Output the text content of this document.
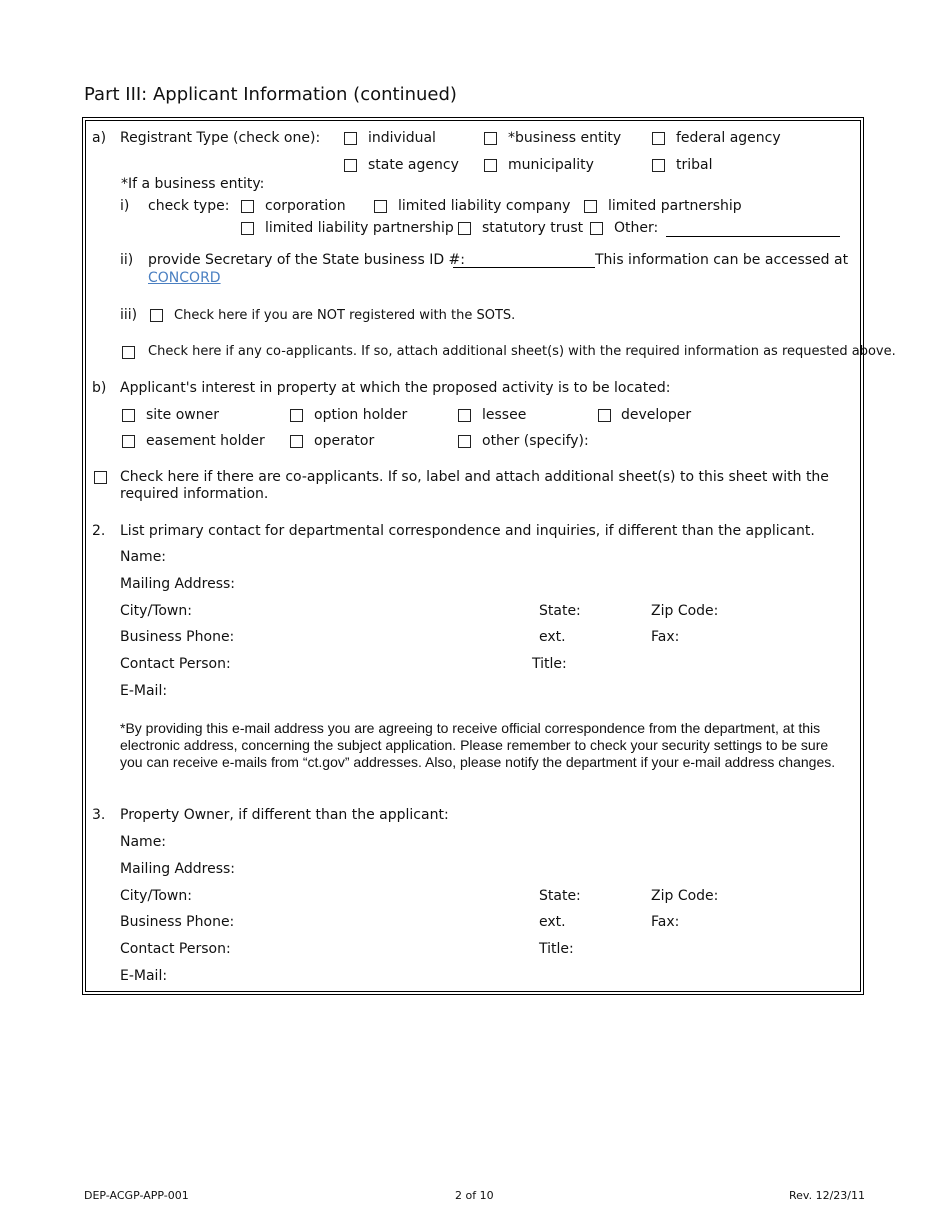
Part III: Applicant Information (continued)
a) Registrant Type (check one):	individual	*business entity	federal agency
state agency	municipality	tribal
*If a business entity:
i) check type:	corporation	limited liability company	limited partnership
limited liability partnership statutory trust Other:
ii) provide Secretary of the State business ID #:	This information can be accessed at
CONCORD
iii)	Check here if you are NOT registered with the SOTS.
Check here if any co-applicants. If so, attach additional sheet(s) with the required information as requested above.
b) Applicant's interest in property at which the proposed activity is to be located:
site owner	option holder	lessee	developer
easement holder	operator	other (specify):
Check here if there are co-applicants. If so, label and attach additional sheet(s) to this sheet with the required information.
2. List primary contact for departmental correspondence and inquiries, if different than the applicant.
Name:
Mailing Address:
City/Town:	State:	Zip Code:
Business Phone:	ext.	Fax:
Contact Person:	Title:
E-Mail:
*By providing this e-mail address you are agreeing to receive official correspondence from the department, at this electronic address, concerning the subject application. Please remember to check your security settings to be sure you can receive e-mails from “ct.gov” addresses. Also, please notify the department if your e-mail address changes.
3. Property Owner, if different than the applicant:
Name:
Mailing Address:
City/Town:	State:	Zip Code:
Business Phone:	ext.	Fax:
Contact Person:	Title:
E-Mail:
DEP-ACGP-APP-001	2 of 10	Rev. 12/23/11
